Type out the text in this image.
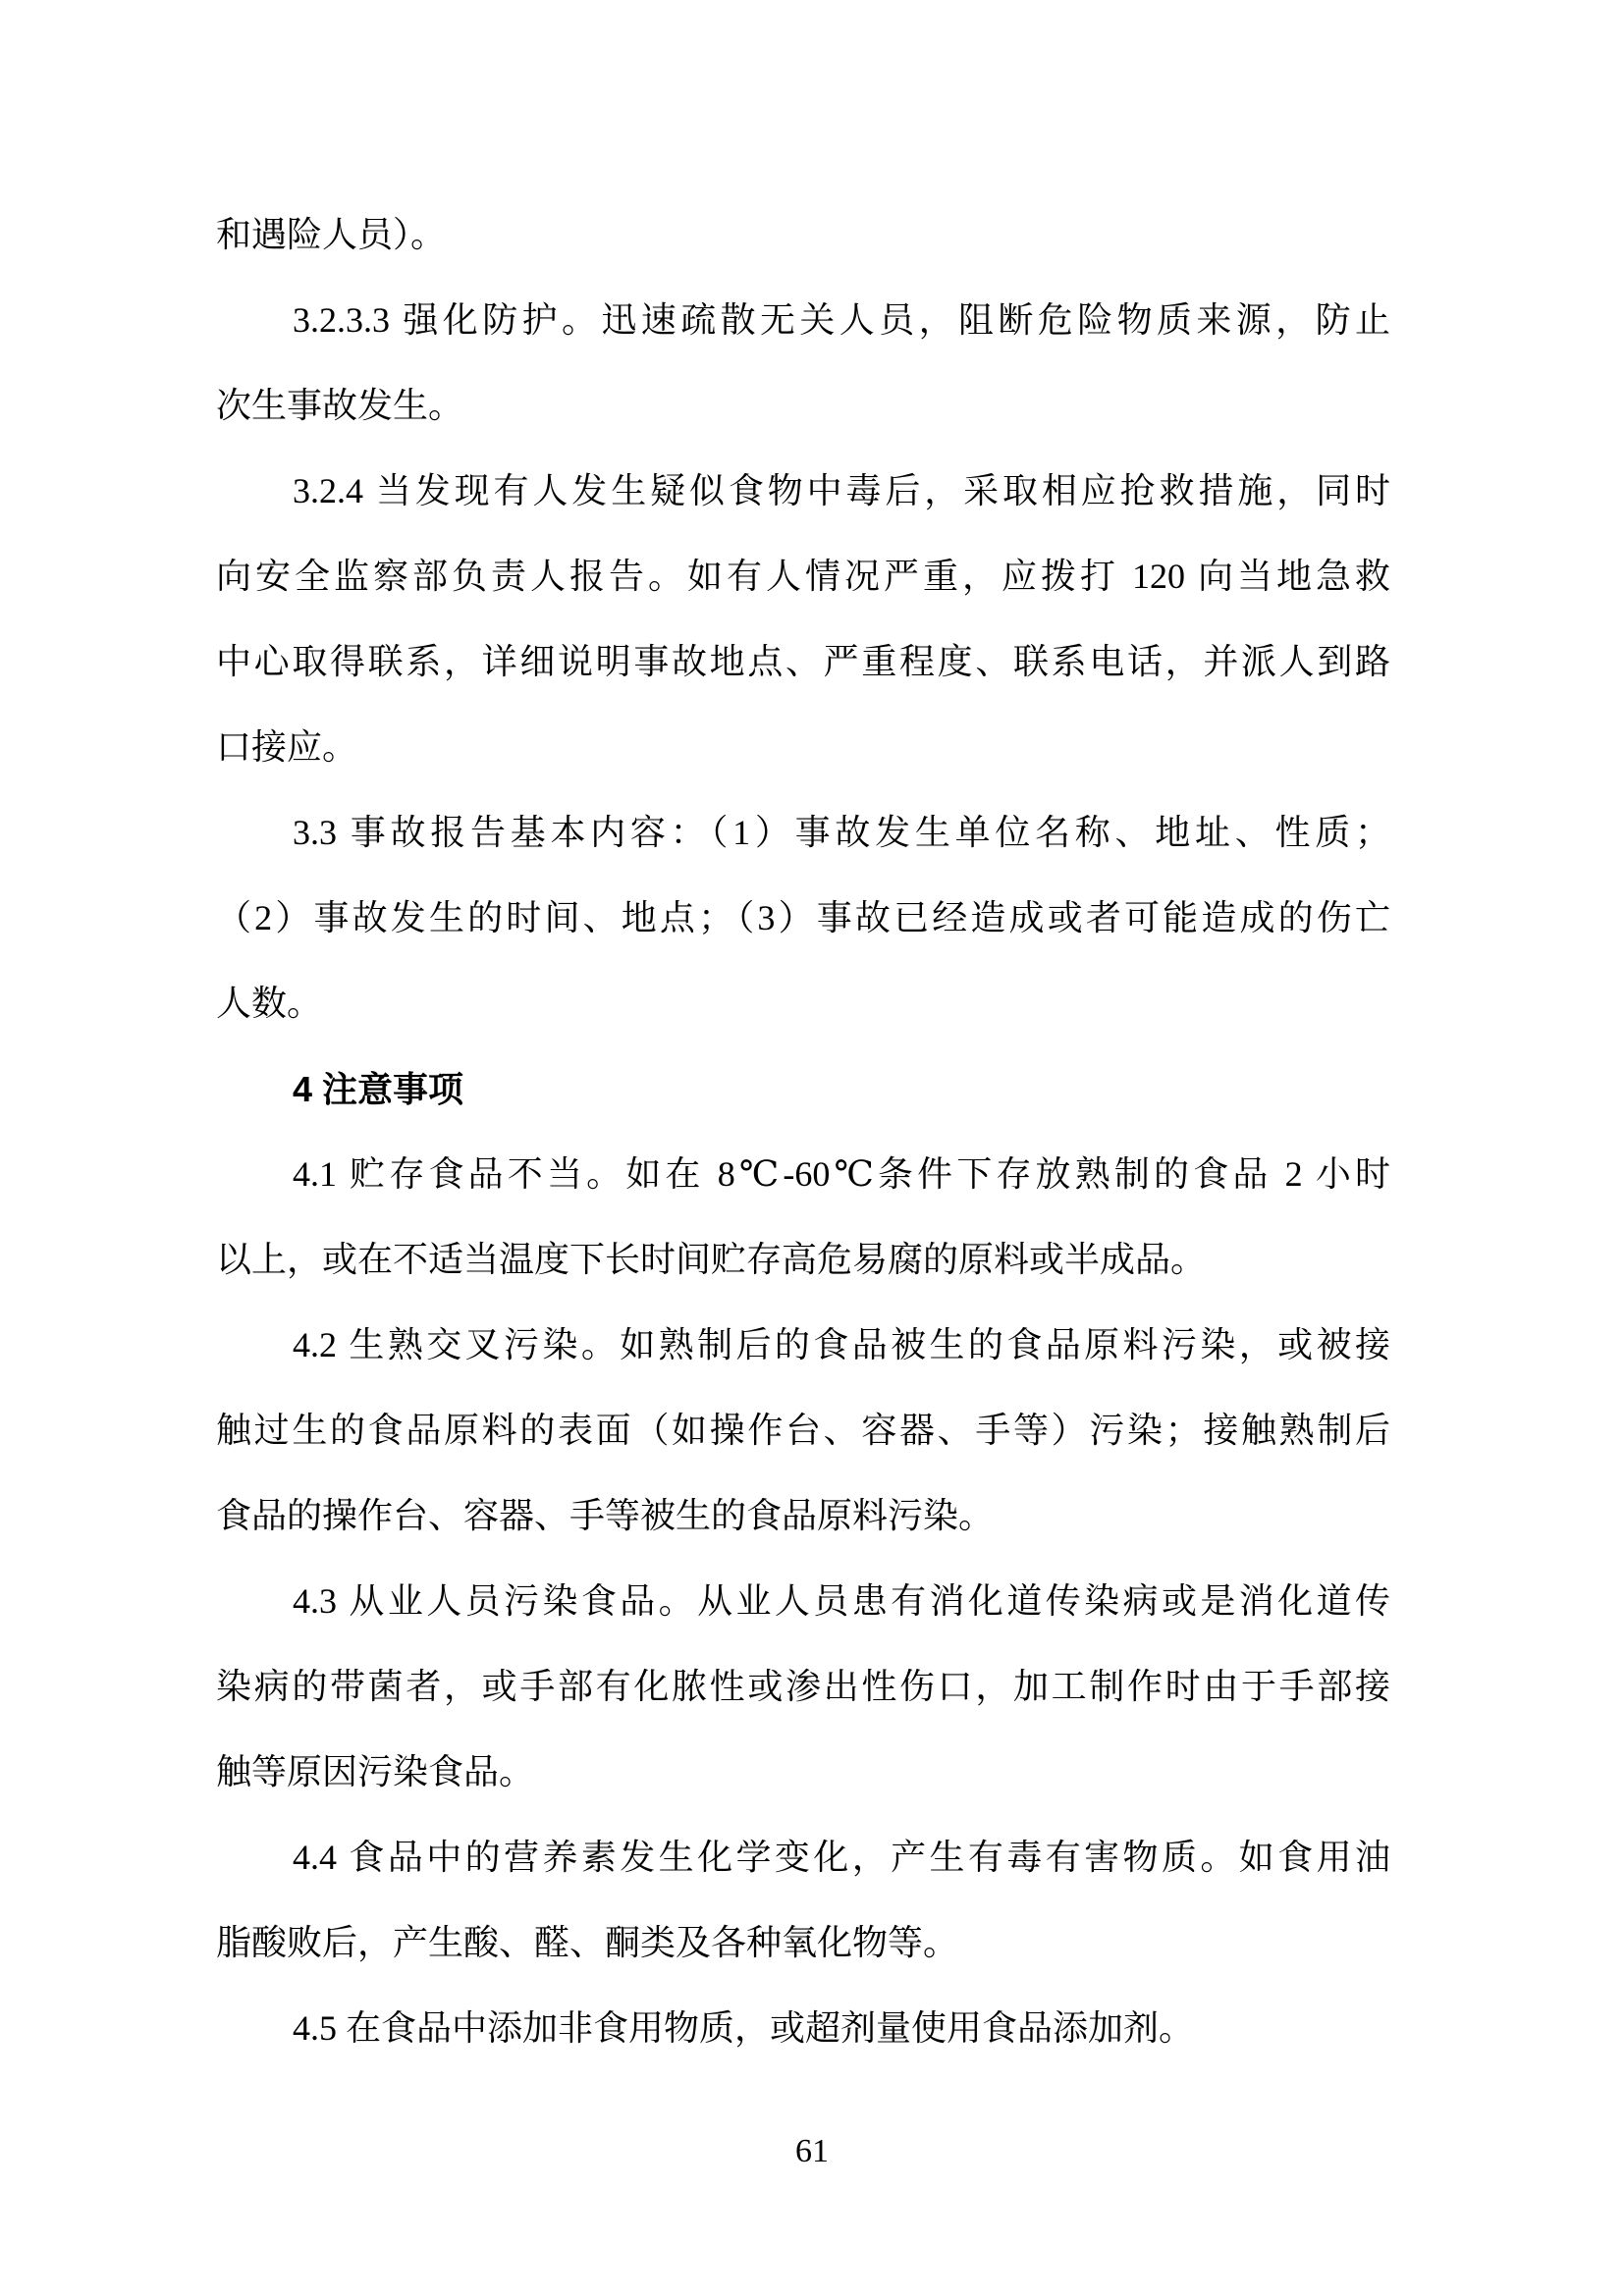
和遇险人员）。
3.2.3.3 强化防护。迅速疏散无关人员，阻断危险物质来源，防止
次生事故发生。
3.2.4 当发现有人发生疑似食物中毒后，采取相应抢救措施，同时
向安全监察部负责人报告。如有人情况严重，应拨打 120 向当地急救
中心取得联系，详细说明事故地点、严重程度、联系电话，并派人到路
口接应。
3.3 事故报告基本内容：（1）事故发生单位名称、地址、性质；
（2）事故发生的时间、地点；（3）事故已经造成或者可能造成的伤亡
人数。
4 注意事项
4.1 贮存食品不当。如在 8℃-60℃条件下存放熟制的食品 2 小时
以上，或在不适当温度下长时间贮存高危易腐的原料或半成品。
4.2 生熟交叉污染。如熟制后的食品被生的食品原料污染，或被接
触过生的食品原料的表面（如操作台、容器、手等）污染；接触熟制后
食品的操作台、容器、手等被生的食品原料污染。
4.3 从业人员污染食品。从业人员患有消化道传染病或是消化道传
染病的带菌者，或手部有化脓性或渗出性伤口，加工制作时由于手部接
触等原因污染食品。
4.4 食品中的营养素发生化学变化，产生有毒有害物质。如食用油
脂酸败后，产生酸、醛、酮类及各种氧化物等。
4.5 在食品中添加非食用物质，或超剂量使用食品添加剂。
61
